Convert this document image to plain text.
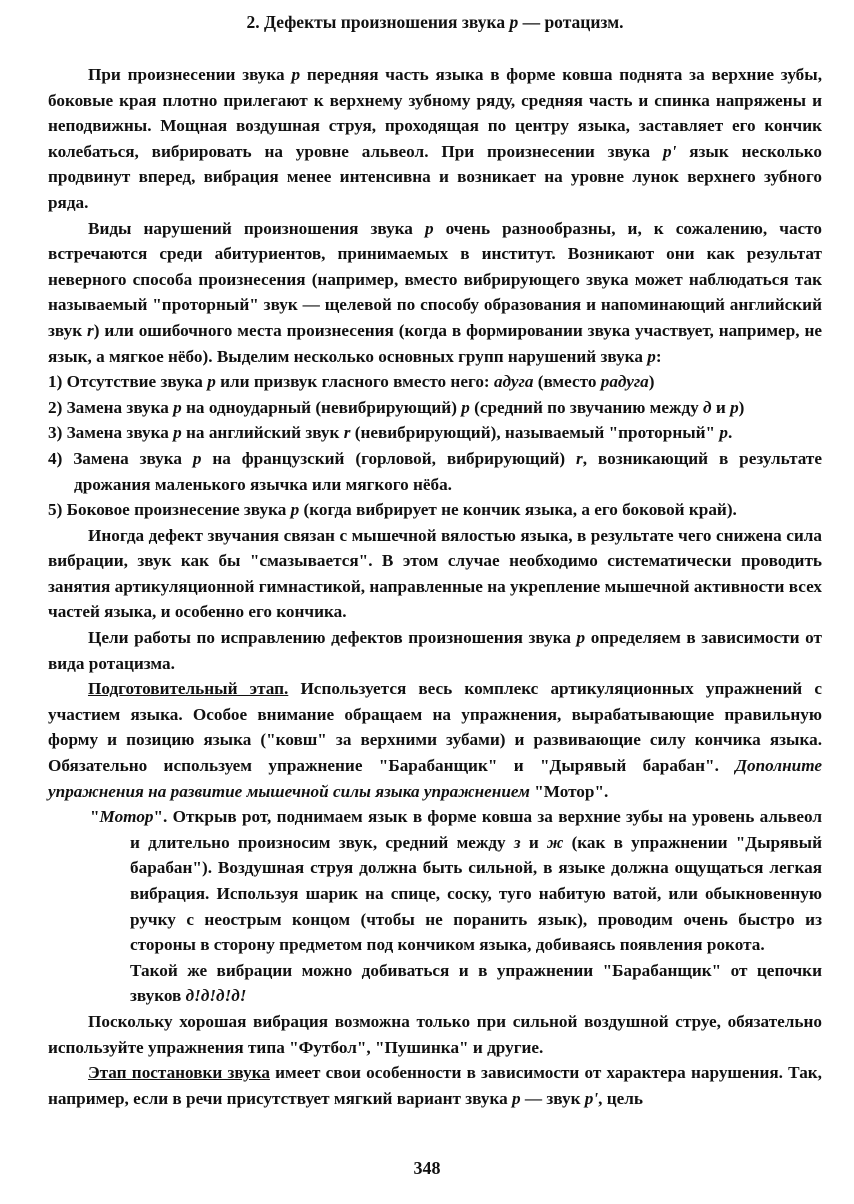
2. Дефекты произношения звука р — ротацизм.

При произнесении звука р передняя часть языка в форме ковша поднята за верхние зубы, боковые края плотно прилегают к верхнему зубному ряду, средняя часть и спинка напряжены и неподвижны. Мощная воздушная струя, проходящая по центру языка, заставляет его кончик колебаться, вибрировать на уровне альвеол. При произнесении звука р' язык несколько продвинут вперед, вибрация менее интенсивна и возникает на уровне лунок верхнего зубного ряда.

Виды нарушений произношения звука р очень разнообразны, и, к сожалению, часто встречаются среди абитуриентов, принимаемых в институт. Возникают они как результат неверного способа произнесения (например, вместо вибрирующего звука может наблюдаться так называемый "проторный" звук — щелевой по способу образования и напоминающий английский звук r) или ошибочного места произнесения (когда в формировании звука участвует, например, не язык, а мягкое нёбо). Выделим несколько основных групп нарушений звука р:

1) Отсутствие звука р или призвук гласного вместо него: адуга (вместо радуга)

2) Замена звука р на одноударный (невибрирующий) р (средний по звучанию между д и р)

3) Замена звука р на английский звук r (невибрирующий), называемый "проторный" р.

4) Замена звука р на французский (горловой, вибрирующий) r, возникающий в результате дрожания маленького язычка или мягкого нёба.

5) Боковое произнесение звука р (когда вибрирует не кончик языка, а его боковой край).

Иногда дефект звучания связан с мышечной вялостью языка, в результате чего снижена сила вибрации, звук как бы "смазывается". В этом случае необходимо систематически проводить занятия артикуляционной гимнастикой, направленные на укрепление мышечной активности всех частей языка, и особенно его кончика.

Цели работы по исправлению дефектов произношения звука р определяем в зависимости от вида ротацизма.

Подготовительный этап. Используется весь комплекс артикуляционных упражнений с участием языка. Особое внимание обращаем на упражнения, вырабатывающие правильную форму и позицию языка ("ковш" за верхними зубами) и развивающие силу кончика языка. Обязательно используем упражнение "Барабанщик" и "Дырявый барабан". Дополните упражнения на развитие мышечной силы языка упражнением "Мотор".

"Мотор". Открыв рот, поднимаем язык в форме ковша за верхние зубы на уровень альвеол и длительно произносим звук, средний между з и ж (как в упражнении "Дырявый барабан"). Воздушная струя должна быть сильной, в языке должна ощущаться легкая вибрация. Используя шарик на спице, соску, туго набитую ватой, или обыкновенную ручку с неострым концом (чтобы не поранить язык), проводим очень быстро из стороны в сторону предметом под кончиком языка, добиваясь появления рокота.

Такой же вибрации можно добиваться и в упражнении "Барабанщик" от цепочки звуков д!д!д!д!

Поскольку хорошая вибрация возможна только при сильной воздушной струе, обязательно используйте упражнения типа "Футбол", "Пушинка" и другие.

Этап постановки звука имеет свои особенности в зависимости от характера нарушения. Так, например, если в речи присутствует мягкий вариант звука р — звук р', цель

348
